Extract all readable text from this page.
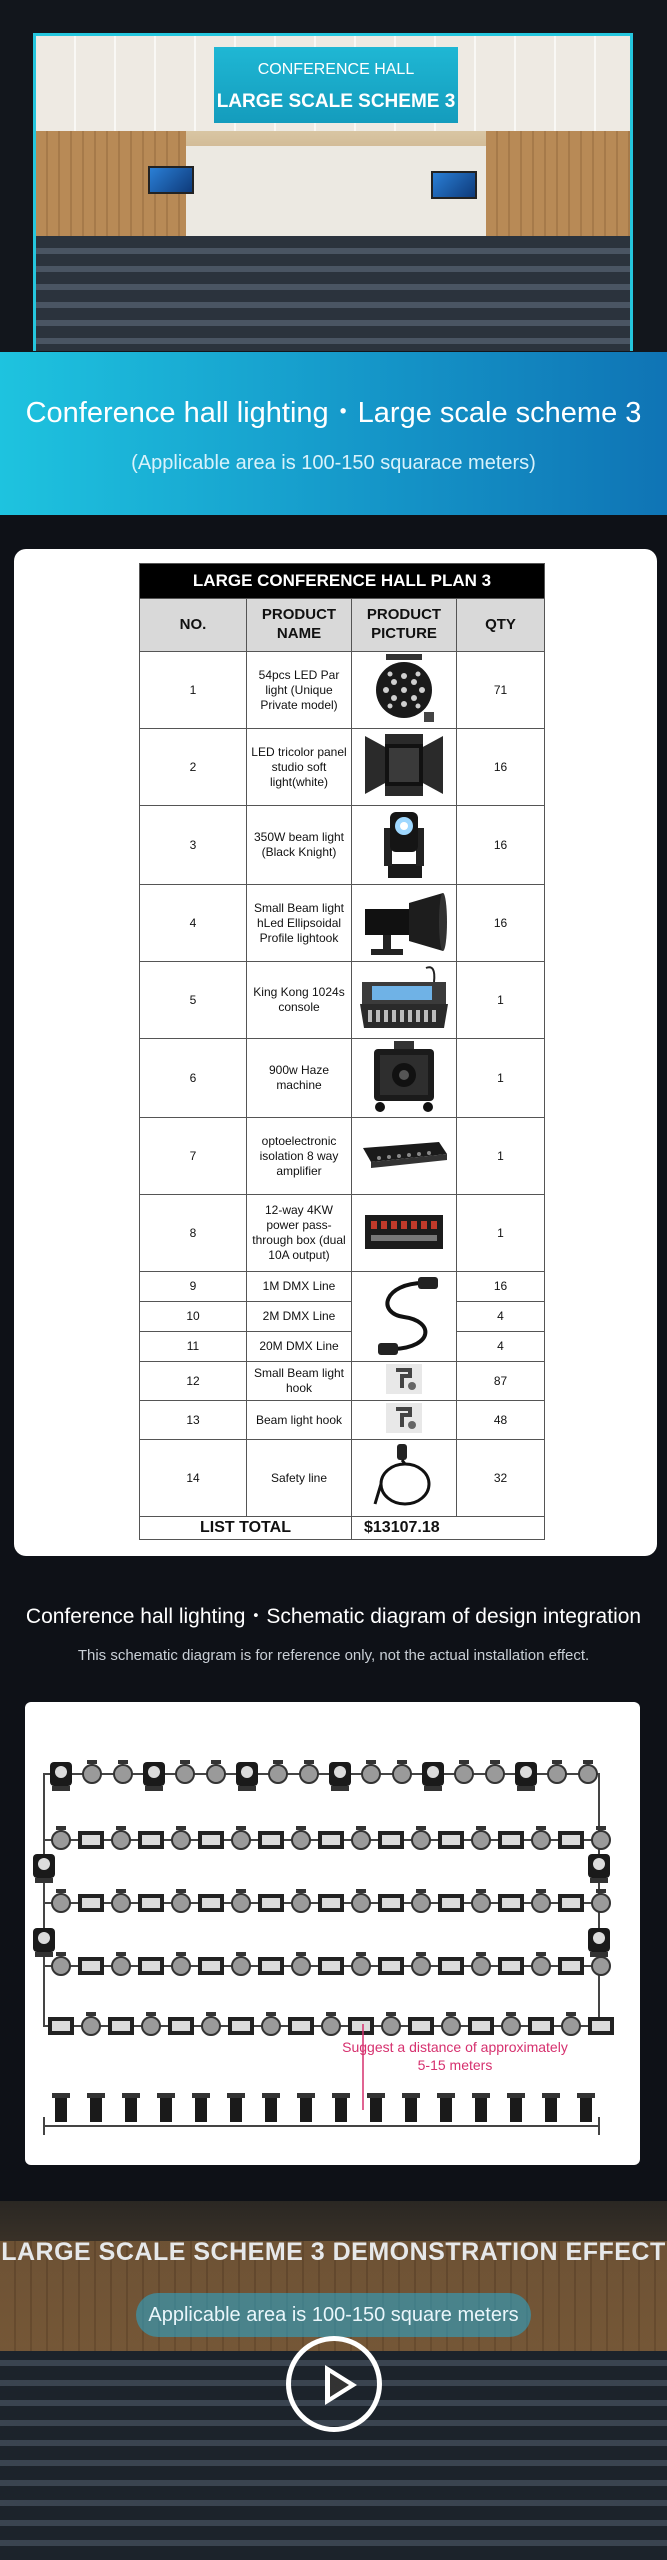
CONFERENCE HALL
LARGE SCALE SCHEME 3
Conference hall lighting・Large scale scheme 3
(Applicable area is 100-150 squarace meters)
LARGE CONFERENCE HALL PLAN 3			
NO.	PRODUCT NAME	PRODUCT PICTURE	QTY
1	54pcs LED Par light (Unique Private model)		71
2	LED tricolor panel studio soft light(white)		16
3	350W beam light (Black Knight)		16
4	Small Beam light hLed Ellipsoidal Profile lightook		16
5	King Kong 1024s console		1
6	900w Haze machine		1
7	optoelectronic isolation 8 way amplifier		1
8	12-way 4KW power pass-through box (dual 10A output)		1
9	1M DMX Line		16
10	2M DMX Line		4
11	20M DMX Line		4
12	Small Beam light hook		87
13	Beam light hook		48
14	Safety line		32
LIST TOTAL		$13107.18	
Conference hall lighting・Schematic diagram of design integration
This schematic diagram is for reference only, not the actual installation effect.
Suggest a distance of approximately
5-15 meters
LARGE SCALE SCHEME 3 DEMONSTRATION EFFECT
Applicable area is 100-150 square meters
